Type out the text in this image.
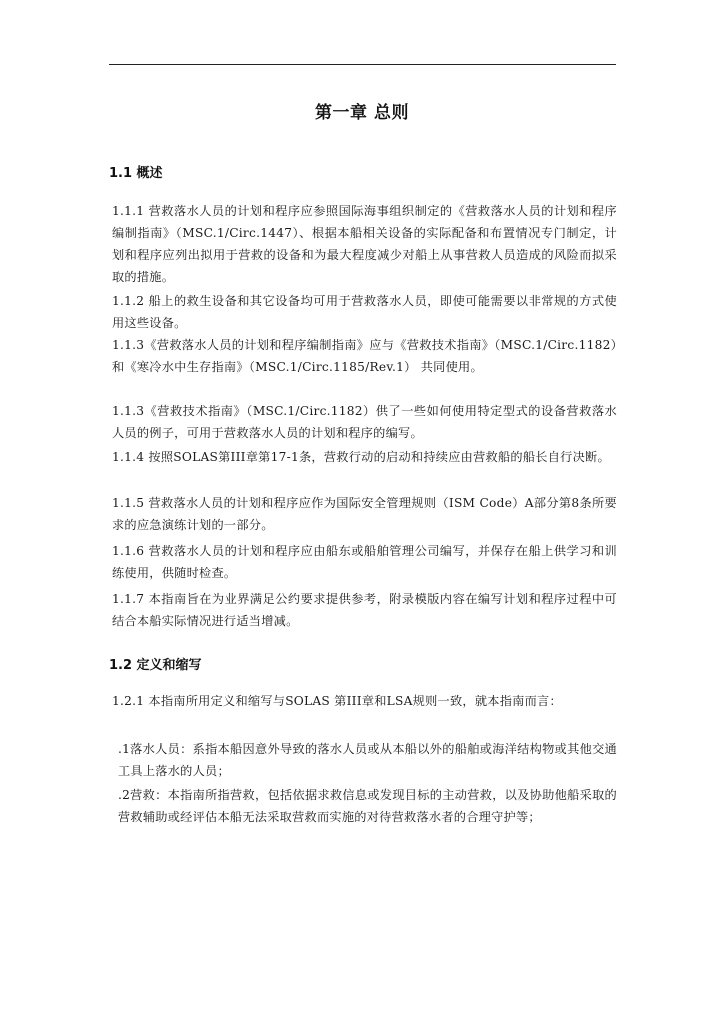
第一章 总则
1.1 概述
1.1.1 营救落水人员的计划和程序应参照国际海事组织制定的《营救落水人员的计划和程序编制指南》（MSC.1/Circ.1447）、根据本船相关设备的实际配备和布置情况专门制定，计划和程序应列出拟用于营救的设备和为最大程度减少对船上从事营救人员造成的风险而拟采取的措施。
1.1.2 船上的救生设备和其它设备均可用于营救落水人员，即使可能需要以非常规的方式使用这些设备。
1.1.3《营救落水人员的计划和程序编制指南》应与《营救技术指南》（MSC.1/Circ.1182）和《寒冷水中生存指南》（MSC.1/Circ.1185/Rev.1） 共同使用。
1.1.3《营救技术指南》（MSC.1/Circ.1182）供了一些如何使用特定型式的设备营救落水人员的例子，可用于营救落水人员的计划和程序的编写。
1.1.4 按照SOLAS第III章第17-1条，营救行动的启动和持续应由营救船的船长自行决断。
1.1.5 营救落水人员的计划和程序应作为国际安全管理规则（ISM Code）A部分第8条所要求的应急演练计划的一部分。
1.1.6 营救落水人员的计划和程序应由船东或船舶管理公司编写，并保存在船上供学习和训练使用，供随时检查。
1.1.7 本指南旨在为业界满足公约要求提供参考，附录模版内容在编写计划和程序过程中可结合本船实际情况进行适当增减。
1.2 定义和缩写
1.2.1 本指南所用定义和缩写与SOLAS 第III章和LSA规则一致，就本指南而言：
.1落水人员：系指本船因意外导致的落水人员或从本船以外的船舶或海洋结构物或其他交通工具上落水的人员；
.2营救：本指南所指营救，包括依据求救信息或发现目标的主动营救，以及协助他船采取的营救辅助或经评估本船无法采取营救而实施的对待营救落水者的合理守护等；
